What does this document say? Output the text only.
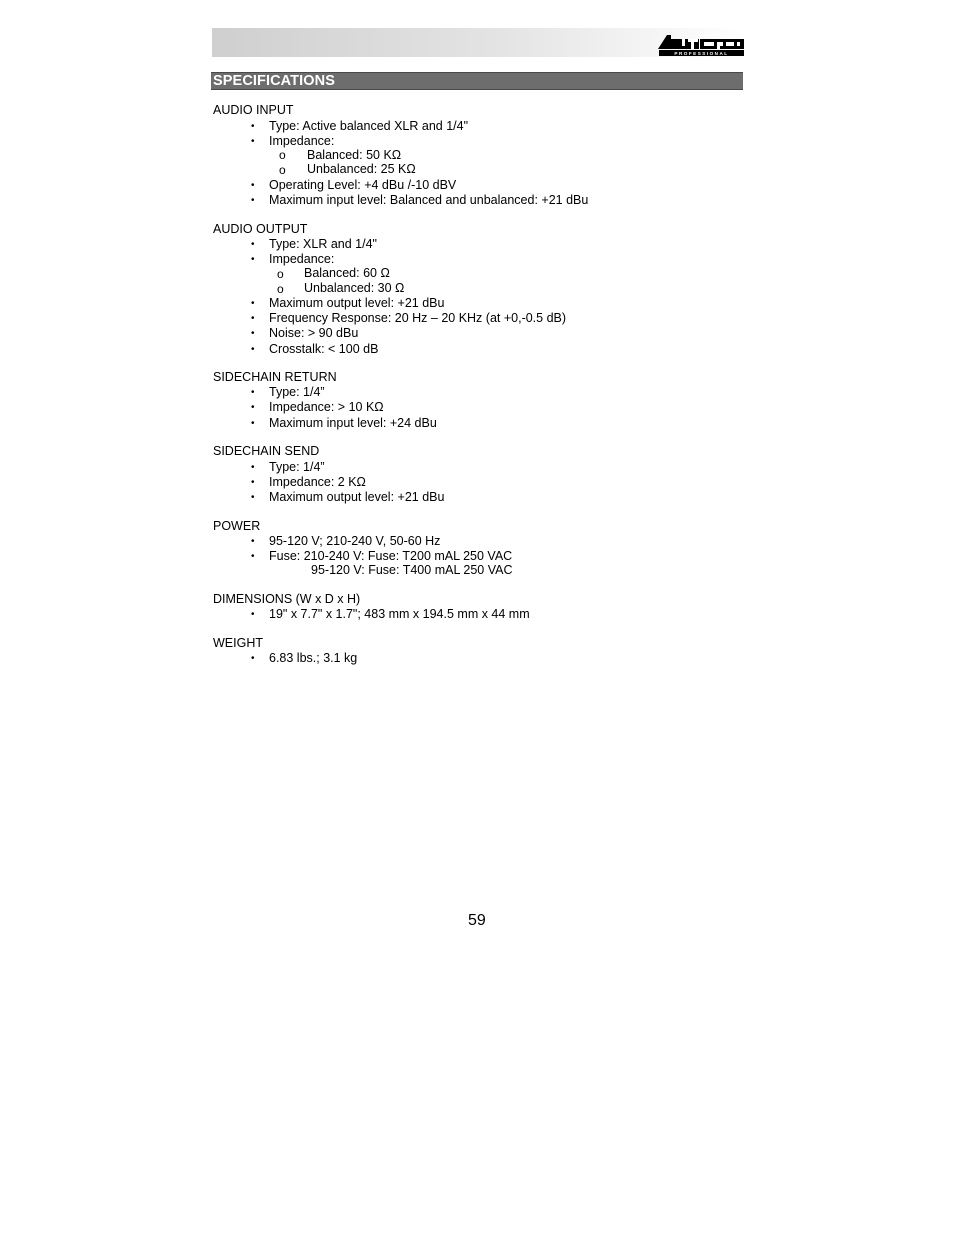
PROFESSIONAL
SPECIFICATIONS
AUDIO INPUT
• Type: Active balanced XLR and 1/4"
• Impedance:
o Balanced: 50 KΩ
o Unbalanced: 25 KΩ
• Operating Level: +4 dBu /-10 dBV
• Maximum input level: Balanced and unbalanced: +21 dBu
AUDIO OUTPUT
• Type: XLR and 1/4"
• Impedance:
o Balanced: 60 Ω
o Unbalanced: 30 Ω
• Maximum output level: +21 dBu
• Frequency Response: 20 Hz – 20 KHz (at +0,-0.5 dB)
• Noise: > 90 dBu
• Crosstalk: < 100 dB
SIDECHAIN RETURN
• Type: 1/4”
• Impedance: > 10 KΩ
• Maximum input level: +24 dBu
SIDECHAIN SEND
• Type: 1/4”
• Impedance: 2 KΩ
• Maximum output level: +21 dBu
POWER
• 95-120 V; 210-240 V, 50-60 Hz
• Fuse: 210-240 V: Fuse: T200 mAL 250 VAC
95-120 V: Fuse: T400 mAL 250 VAC
DIMENSIONS (W x D x H)
• 19" x 7.7" x 1.7"; 483 mm x 194.5 mm x 44 mm
WEIGHT
• 6.83 lbs.; 3.1 kg
59
